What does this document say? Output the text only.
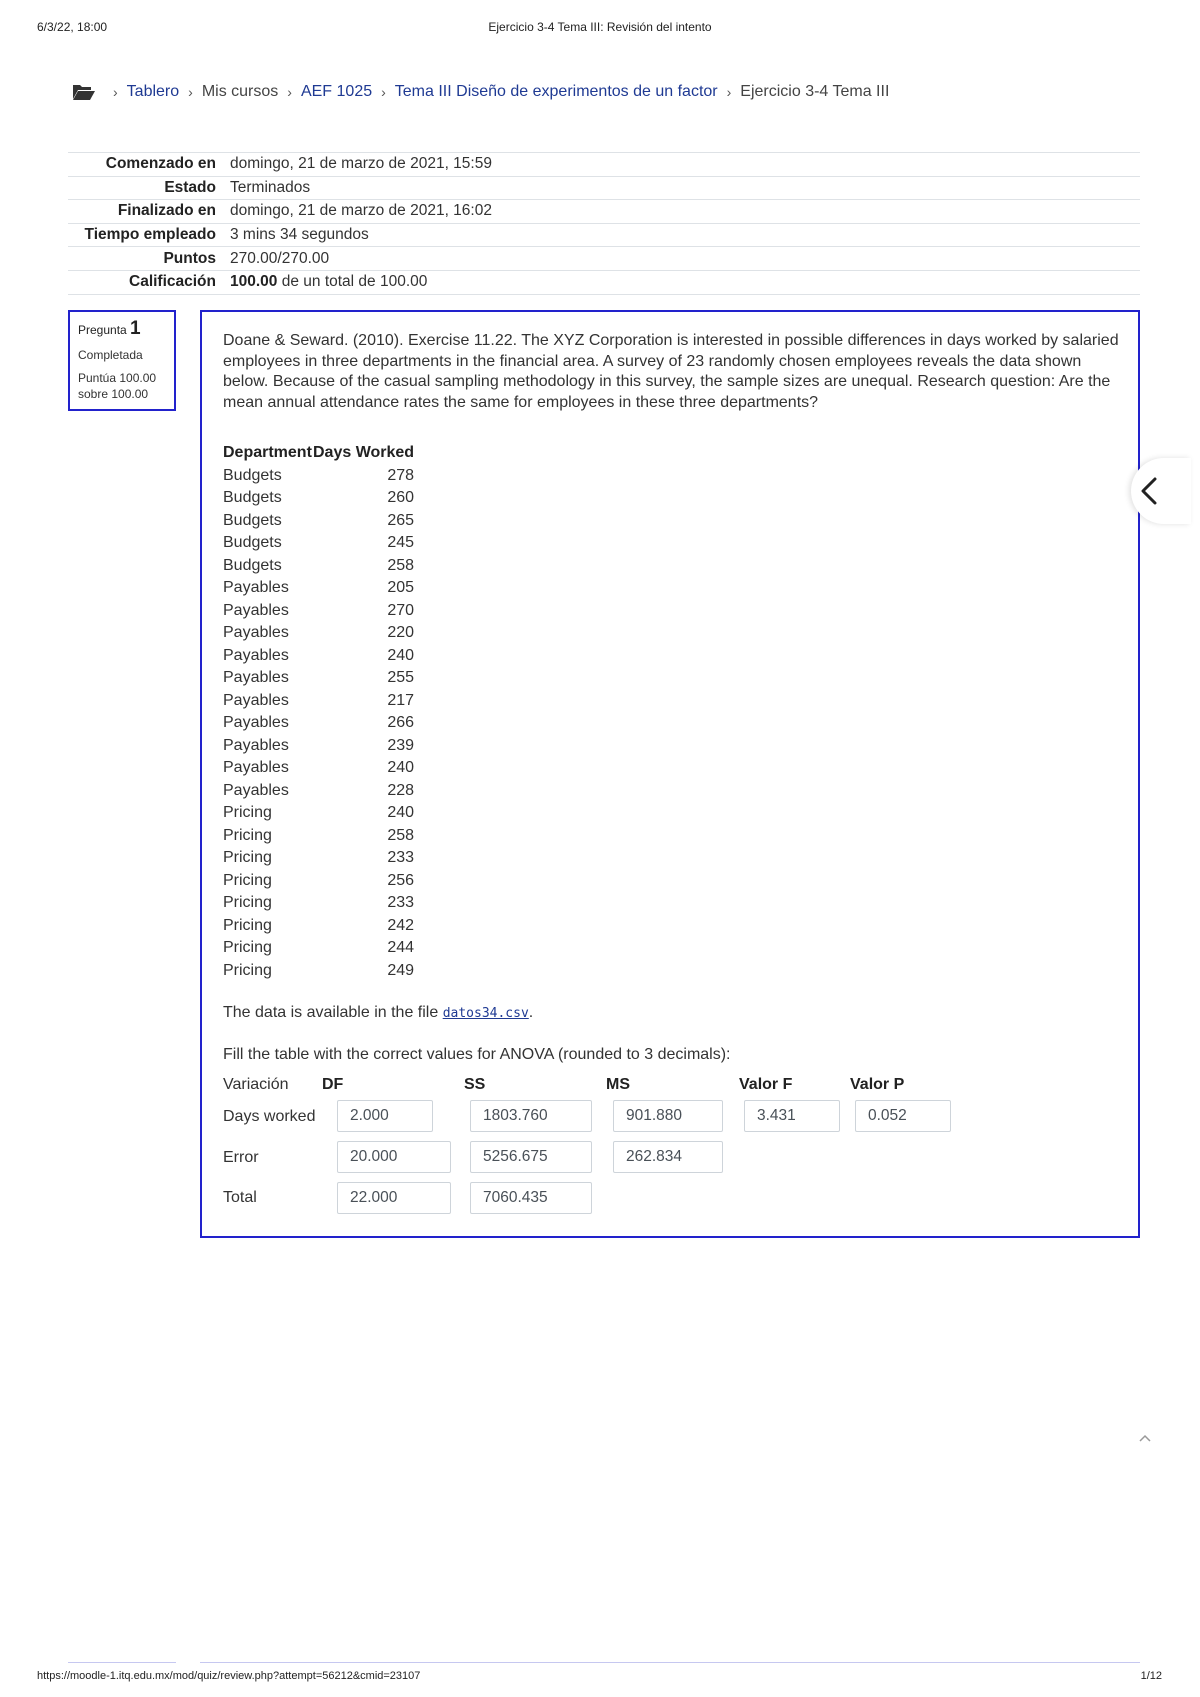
6/3/22, 18:00	Ejercicio 3-4 Tema III: Revisión del intento
› Tablero › Mis cursos › AEF 1025 › Tema III Diseño de experimentos de un factor › Ejercicio 3-4 Tema III
Comenzado en	domingo, 21 de marzo de 2021, 15:59
Estado	Terminados
Finalizado en	domingo, 21 de marzo de 2021, 16:02
Tiempo empleado	3 mins 34 segundos
Puntos	270.00/270.00
Calificación	100.00 de un total de 100.00
Pregunta 1
Completada
Puntúa 100.00
sobre 100.00

Doane & Seward. (2010). Exercise 11.22. The XYZ Corporation is interested in possible differences in days worked by salaried employees in three departments in the financial area. A survey of 23 randomly chosen employees reveals the data shown below. Because of the casual sampling methodology in this survey, the sample sizes are unequal. Research question: Are the mean annual attendance rates the same for employees in these three departments?

Department	Days Worked
Budgets	278
Budgets	260
Budgets	265
Budgets	245
Budgets	258
Payables	205
Payables	270
Payables	220
Payables	240
Payables	255
Payables	217
Payables	266
Payables	239
Payables	240
Payables	228
Pricing	240
Pricing	258
Pricing	233
Pricing	256
Pricing	233
Pricing	242
Pricing	244
Pricing	249
The data is available in the file datos34.csv.
Fill the table with the correct values for ANOVA (rounded to 3 decimals):
Variación DF	SS	MS	Valor F	Valor P
Days worked	2.000	1803.760	901.880	3.431	0.052
Error	20.000	5256.675	262.834
Total	22.000	7060.435
https://moodle-1.itq.edu.mx/mod/quiz/review.php?attempt=56212&cmid=23107	1/12
